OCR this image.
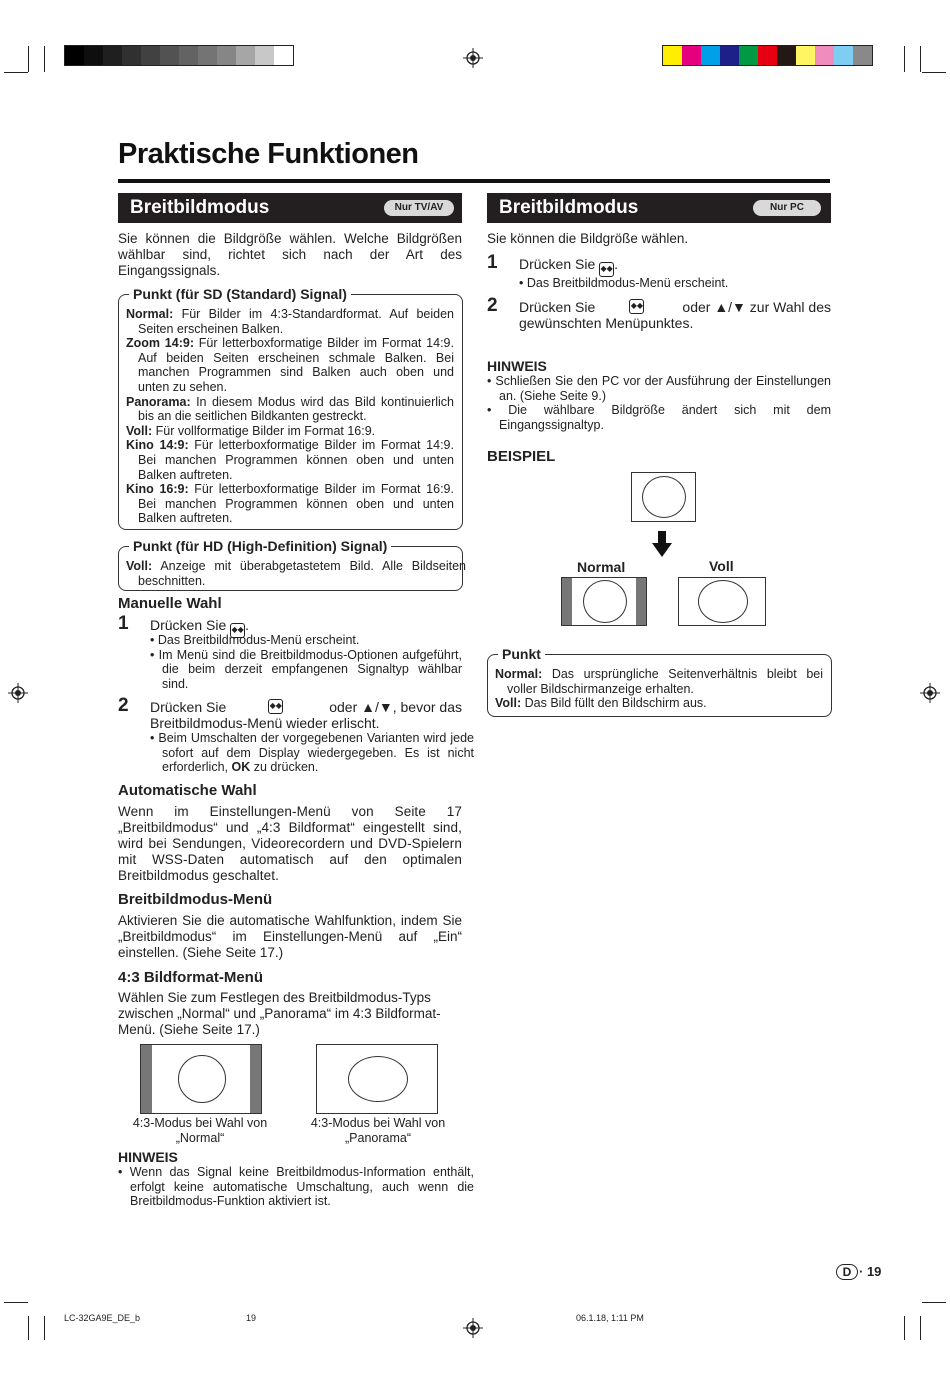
Praktische Funktionen
Breitbildmodus	Nur TV/AV
Sie können die Bildgröße wählen. Welche Bildgrößen wählbar sind, richtet sich nach der Art des Eingangssignals.
Punkt (für SD (Standard) Signal)
Normal: Für Bilder im 4:3-Standardformat. Auf beiden Seiten erscheinen Balken.
Zoom 14:9: Für letterboxformatige Bilder im Format 14:9. Auf beiden Seiten erscheinen schmale Balken. Bei manchen Programmen sind Balken auch oben und unten zu sehen.
Panorama: In diesem Modus wird das Bild kontinuierlich bis an die seitlichen Bildkanten gestreckt.
Voll: Für vollformatige Bilder im Format 16:9.
Kino 14:9: Für letterboxformatige Bilder im Format 14:9. Bei manchen Programmen können oben und unten Balken auftreten.
Kino 16:9: Für letterboxformatige Bilder im Format 16:9. Bei manchen Programmen können oben und unten Balken auftreten.
Punkt (für HD (High-Definition) Signal)
Voll: Anzeige mit überabgetastetem Bild. Alle Bildseiten beschnitten.
Manuelle Wahl
1 Drücken Sie ◆◆.
• Das Breitbildmodus-Menü erscheint.
• Im Menü sind die Breitbildmodus-Optionen aufgeführt, die beim derzeit empfangenen Signaltyp wählbar sind.
2 Drücken Sie	◆◆	oder ▲/▼, bevor das
Breitbildmodus-Menü wieder erlischt.
• Beim Umschalten der vorgegebenen Varianten wird jede sofort auf dem Display wiedergegeben. Es ist nicht erforderlich, OK zu drücken.
Automatische Wahl
Wenn im Einstellungen-Menü von Seite 17 „Breitbildmodus“ und „4:3 Bildformat“ eingestellt sind, wird bei Sendungen, Videorecordern und DVD-Spielern mit WSS-Daten automatisch auf den optimalen Breitbildmodus geschaltet.
Breitbildmodus-Menü
Aktivieren Sie die automatische Wahlfunktion, indem Sie „Breitbildmodus“ im Einstellungen-Menü auf „Ein“ einstellen. (Siehe Seite 17.)
4:3 Bildformat-Menü
Wählen Sie zum Festlegen des Breitbildmodus-Typs zwischen „Normal“ und „Panorama“ im 4:3 Bildformat-Menü. (Siehe Seite 17.)
4:3-Modus bei Wahl von
„Normal“
4:3-Modus bei Wahl von
„Panorama“
HINWEIS
• Wenn das Signal keine Breitbildmodus-Information enthält, erfolgt keine automatische Umschaltung, auch wenn die Breitbildmodus-Funktion aktiviert ist.
Breitbildmodus	Nur PC
Sie können die Bildgröße wählen.
1 Drücken Sie ◆◆.
• Das Breitbildmodus-Menü erscheint.
2 Drücken Sie	◆◆	oder ▲/▼ zur Wahl des
gewünschten Menüpunktes.
HINWEIS
• Schließen Sie den PC vor der Ausführung der Einstellungen an. (Siehe Seite 9.)
• Die wählbare Bildgröße ändert sich mit dem Eingangssignaltyp.
BEISPIEL
Normal	Voll
Punkt
Normal: Das ursprüngliche Seitenverhältnis bleibt bei voller Bildschirmanzeige erhalten.
Voll: Das Bild füllt den Bildschirm aus.
D · 19
LC-32GA9E_DE_b	19	06.1.18, 1:11 PM
